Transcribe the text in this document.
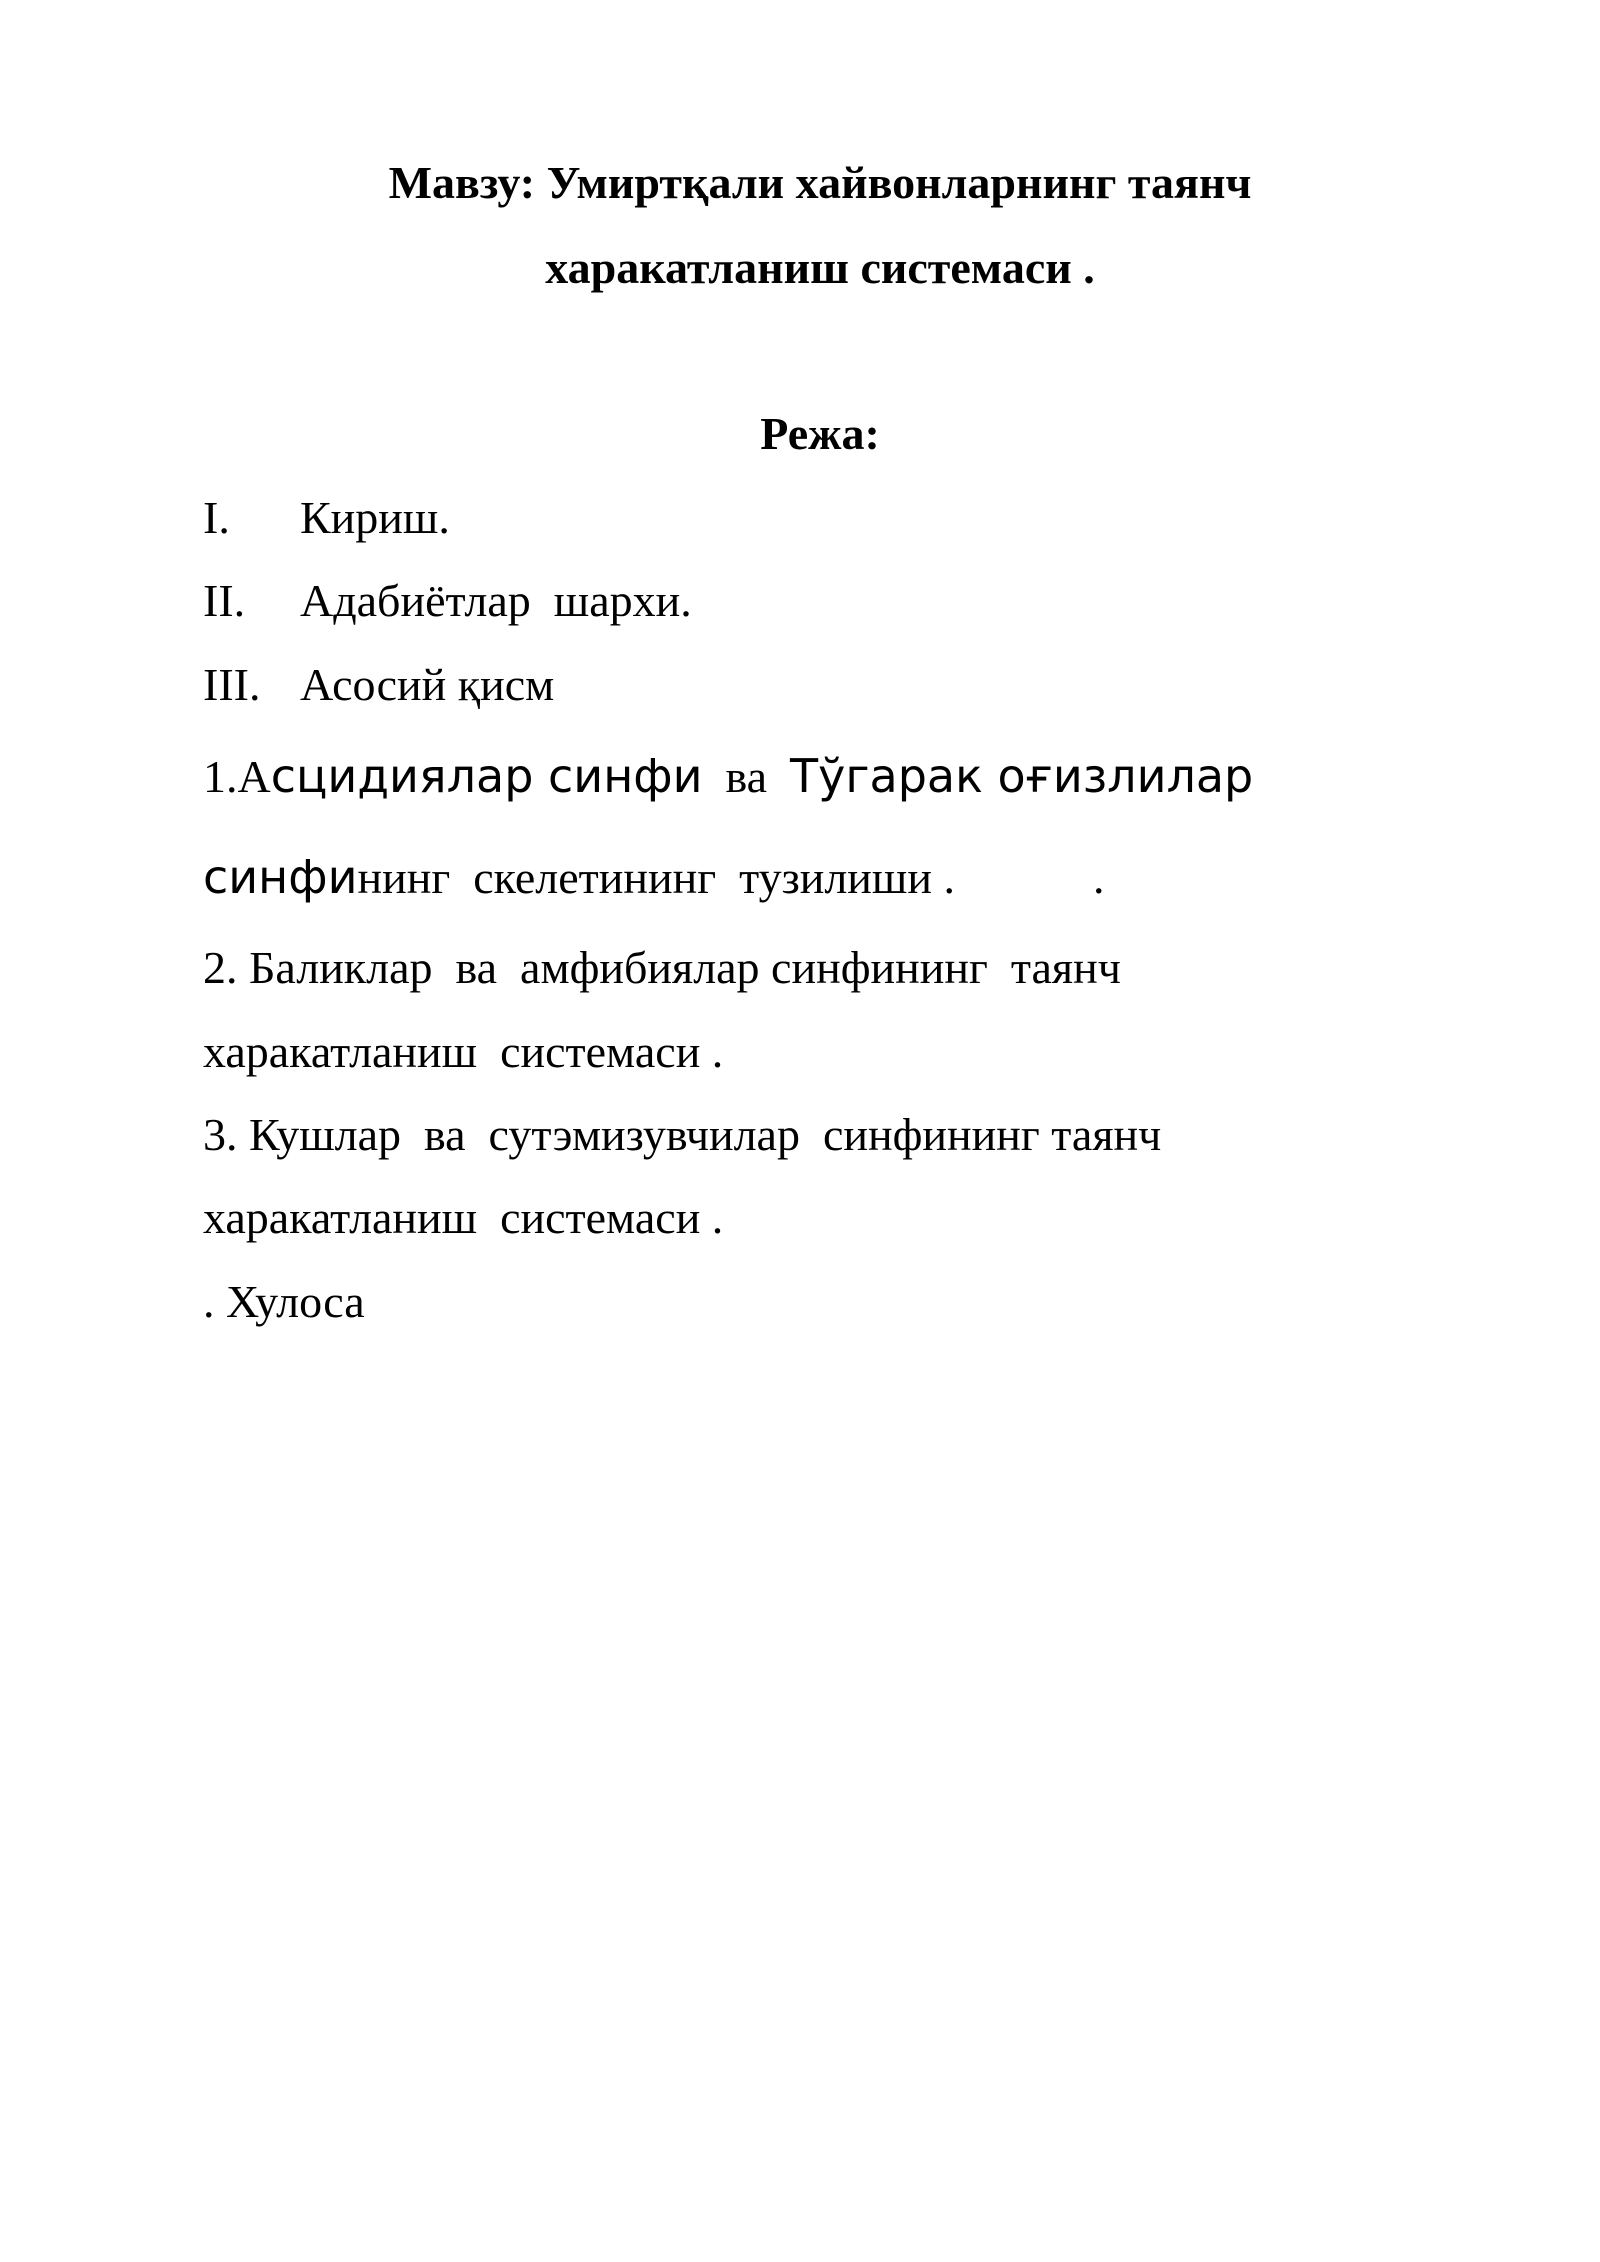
Мавзу: Умиртқали хайвонларнинг таянч
харакатланиш системаси .
Режа:
I. Кириш.
II. Адабиётлар  шархи.
III. Асосий қисм
1.Асцидиялар синфи  ва  Тўгарак оғизлилар
синфининг  скелетининг  тузилиши .            .
2. Баликлар  ва  амфибиялар синфининг  таянч
харакатланиш  системаси .
3. Кушлар  ва  сутэмизувчилар  синфининг таянч
харакатланиш  системаси .
. Хулоса
